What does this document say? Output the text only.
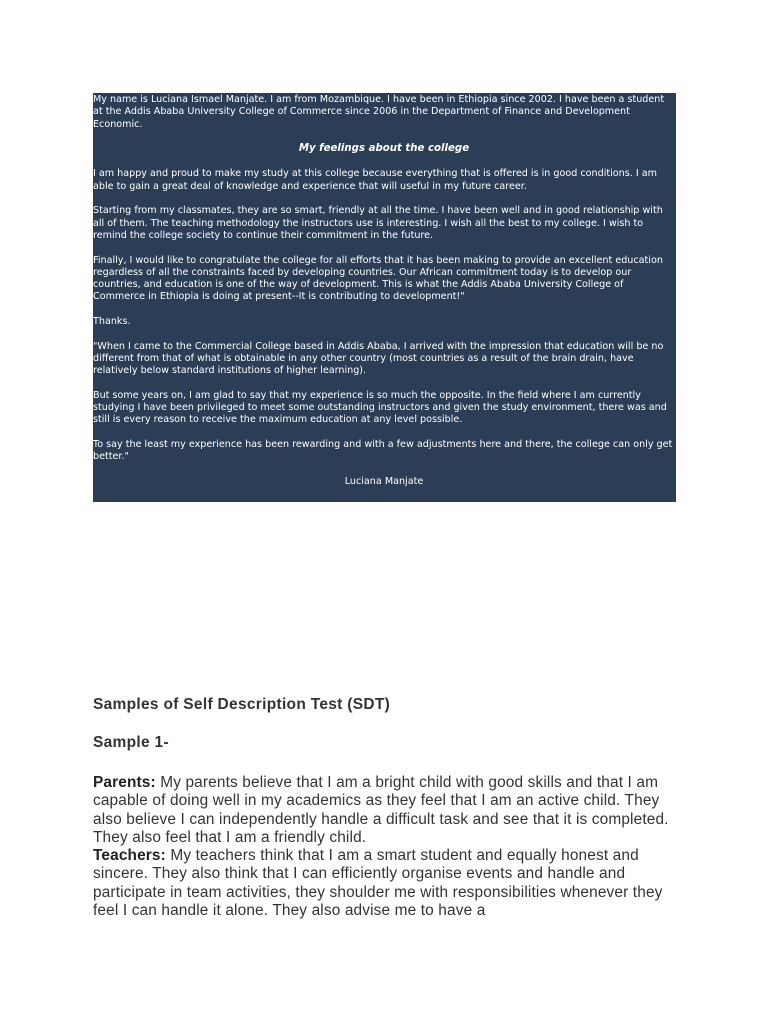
My name is Luciana Ismael Manjate. I am from Mozambique. I have been in Ethiopia since 2002. I have been a student at the Addis Ababa University College of Commerce since 2006 in the Department of Finance and Development Economic.

My feelings about the college

I am happy and proud to make my study at this college because everything that is offered is in good conditions. I am able to gain a great deal of knowledge and experience that will useful in my future career.

Starting from my classmates, they are so smart, friendly at all the time. I have been well and in good relationship with all of them. The teaching methodology the instructors use is interesting. I wish all the best to my college. I wish to remind the college society to continue their commitment in the future.

Finally, I would like to congratulate the college for all efforts that it has been making to provide an excellent education regardless of all the constraints faced by developing countries. Our African commitment today is to develop our countries, and education is one of the way of development. This is what the Addis Ababa University College of Commerce in Ethiopia is doing at present--It is contributing to development!"

Thanks.

"When I came to the Commercial College based in Addis Ababa, I arrived with the impression that education will be no different from that of what is obtainable in any other country (most countries as a result of the brain drain, have relatively below standard institutions of higher learning).

But some years on, I am glad to say that my experience is so much the opposite. In the field where I am currently studying I have been privileged to meet some outstanding instructors and given the study environment, there was and still is every reason to receive the maximum education at any level possible.

To say the least my experience has been rewarding and with a few adjustments here and there, the college can only get better."

Luciana Manjate

2008/0

Samples of Self Description Test (SDT)
Sample 1-

Parents: My parents believe that I am a bright child with good skills and that I am capable of doing well in my academics as they feel that I am an active child. They also believe I can independently handle a difficult task and see that it is completed. They also feel that I am a friendly child.
Teachers: My teachers think that I am a smart student and equally honest and sincere. They also think that I can efficiently organise events and handle and participate in team activities, they shoulder me with responsibilities whenever they feel I can handle it alone. They also advise me to have a
